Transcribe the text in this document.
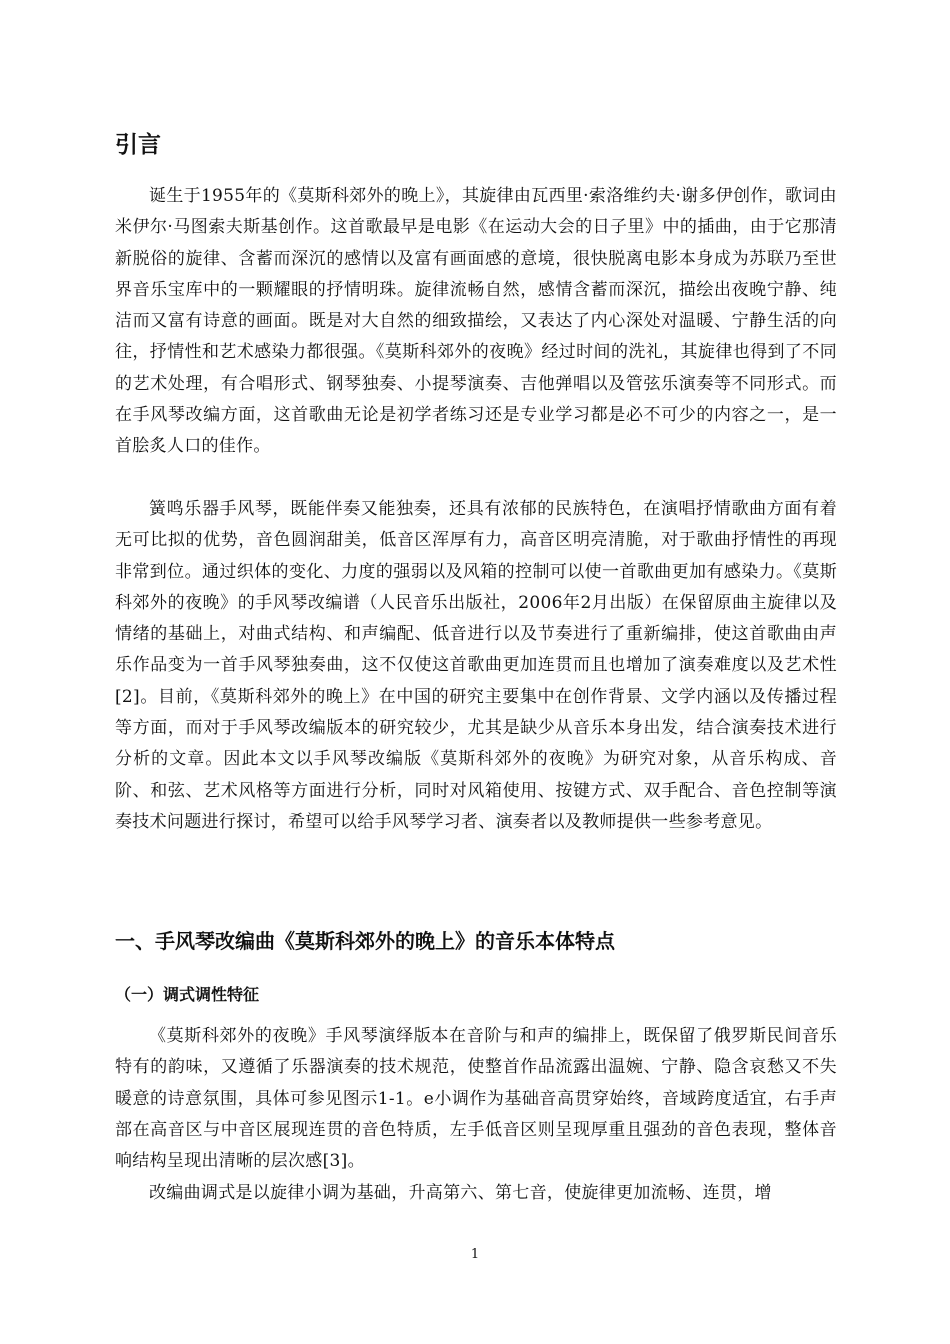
引言

诞生于1955年的《莫斯科郊外的晚上》，其旋律由瓦西里·索洛维约夫·谢多伊创作，歌词由米伊尔·马图索夫斯基创作。这首歌最早是电影《在运动大会的日子里》中的插曲，由于它那清新脱俗的旋律、含蓄而深沉的感情以及富有画面感的意境，很快脱离电影本身成为苏联乃至世界音乐宝库中的一颗耀眼的抒情明珠。旋律流畅自然，感情含蓄而深沉，描绘出夜晚宁静、纯洁而又富有诗意的画面。既是对大自然的细致描绘，又表达了内心深处对温暖、宁静生活的向往，抒情性和艺术感染力都很强。《莫斯科郊外的夜晚》经过时间的洗礼，其旋律也得到了不同的艺术处理，有合唱形式、钢琴独奏、小提琴演奏、吉他弹唱以及管弦乐演奏等不同形式。而在手风琴改编方面，这首歌曲无论是初学者练习还是专业学习都是必不可少的内容之一，是一首脍炙人口的佳作。

簧鸣乐器手风琴，既能伴奏又能独奏，还具有浓郁的民族特色，在演唱抒情歌曲方面有着无可比拟的优势，音色圆润甜美，低音区浑厚有力，高音区明亮清脆，对于歌曲抒情性的再现非常到位。通过织体的变化、力度的强弱以及风箱的控制可以使一首歌曲更加有感染力。《莫斯科郊外的夜晚》的手风琴改编谱（人民音乐出版社，2006年2月出版）在保留原曲主旋律以及情绪的基础上，对曲式结构、和声编配、低音进行以及节奏进行了重新编排，使这首歌曲由声乐作品变为一首手风琴独奏曲，这不仅使这首歌曲更加连贯而且也增加了演奏难度以及艺术性[2]。目前，《莫斯科郊外的晚上》在中国的研究主要集中在创作背景、文学内涵以及传播过程等方面，而对于手风琴改编版本的研究较少，尤其是缺少从音乐本身出发，结合演奏技术进行分析的文章。因此本文以手风琴改编版《莫斯科郊外的夜晚》为研究对象，从音乐构成、音阶、和弦、艺术风格等方面进行分析，同时对风箱使用、按键方式、双手配合、音色控制等演奏技术问题进行探讨，希望可以给手风琴学习者、演奏者以及教师提供一些参考意见。

一、手风琴改编曲《莫斯科郊外的晚上》的音乐本体特点
（一）调式调性特征

《莫斯科郊外的夜晚》手风琴演绎版本在音阶与和声的编排上，既保留了俄罗斯民间音乐特有的韵味，又遵循了乐器演奏的技术规范，使整首作品流露出温婉、宁静、隐含哀愁又不失暖意的诗意氛围，具体可参见图示1-1。e小调作为基础音高贯穿始终，音域跨度适宜，右手声部在高音区与中音区展现连贯的音色特质，左手低音区则呈现厚重且强劲的音色表现，整体音响结构呈现出清晰的层次感[3]。

改编曲调式是以旋律小调为基础，升高第六、第七音，使旋律更加流畅、连贯，增

1
